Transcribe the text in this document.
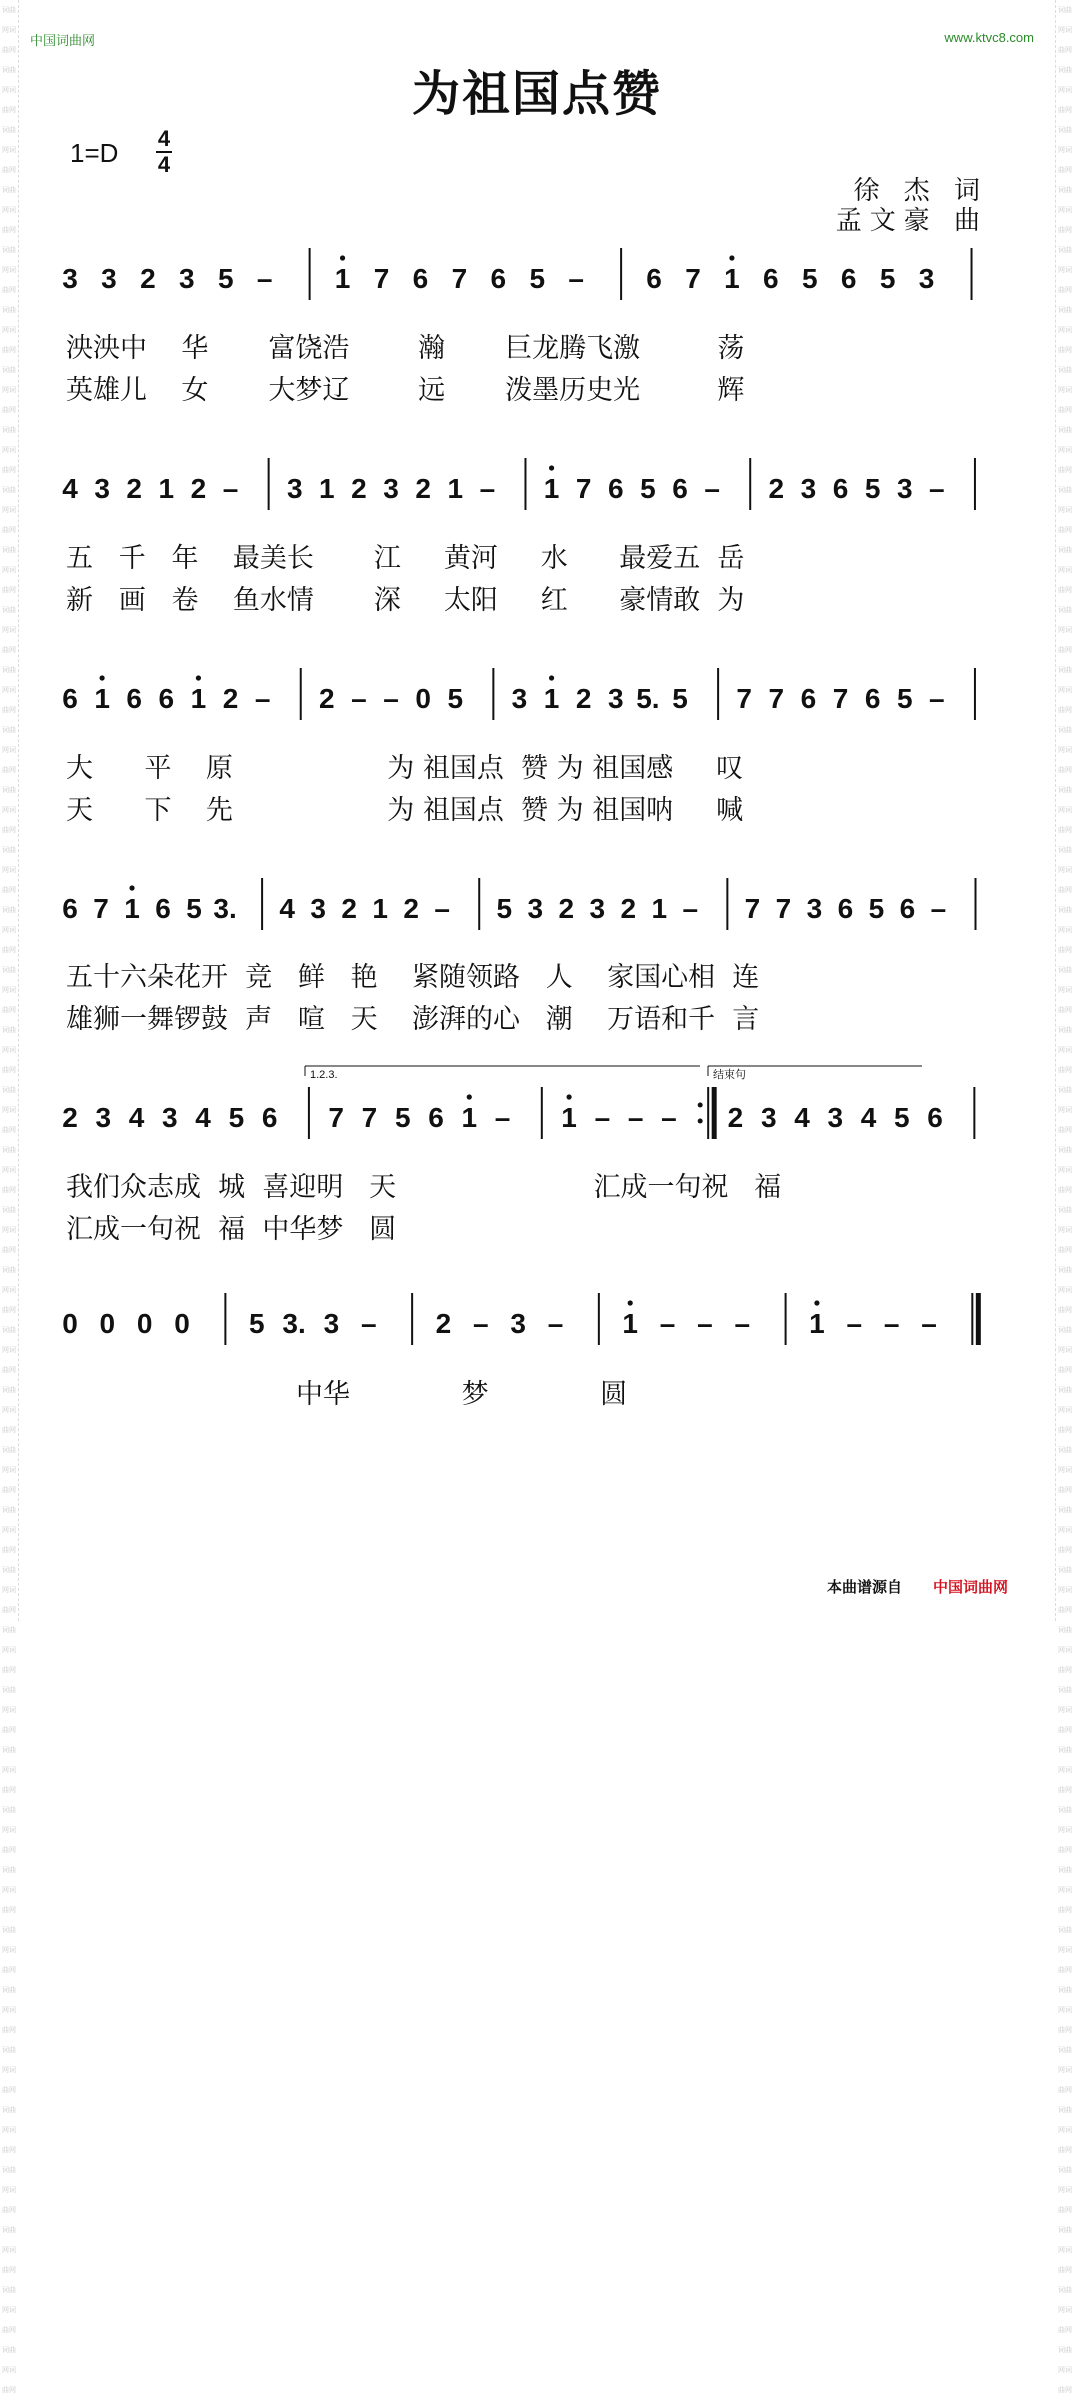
词曲网词曲网词曲网词曲网词曲网词曲网词曲网词曲网词曲网词曲网词曲网词曲网词曲网词曲网词曲网词曲网词曲网词曲网词曲网词曲网词曲网词曲网词曲网词曲网词曲网词曲网词曲网词曲网词曲网词曲网词曲网词曲网词曲网词曲网词曲网词曲网词曲网词曲网词曲网词曲网词曲网词曲网词曲网词曲网词曲网词曲网词曲网词曲网词曲网词曲网词曲网词曲网词曲网词曲网词曲网词曲网词曲网词曲网词曲网词曲网词曲网词曲网词曲网词曲网词曲网词曲网词曲网词曲网词曲网词曲网词曲网词曲网词曲网词曲网词曲网词曲网词曲网词曲网词曲网词曲网
词曲网词曲网词曲网词曲网词曲网词曲网词曲网词曲网词曲网词曲网词曲网词曲网词曲网词曲网词曲网词曲网词曲网词曲网词曲网词曲网词曲网词曲网词曲网词曲网词曲网词曲网词曲网词曲网词曲网词曲网词曲网词曲网词曲网词曲网词曲网词曲网词曲网词曲网词曲网词曲网词曲网词曲网词曲网词曲网词曲网词曲网词曲网词曲网词曲网词曲网词曲网词曲网词曲网词曲网词曲网词曲网词曲网词曲网词曲网词曲网词曲网词曲网词曲网词曲网词曲网词曲网词曲网词曲网词曲网词曲网词曲网词曲网词曲网词曲网词曲网词曲网词曲网词曲网词曲网词曲网
中国词曲网	www.ktvc8.com
为祖国点赞
1=D 4
4
徐 杰 词
孟文豪 曲
3 3 2 3 5 – 1 7 6 7 6 5 – 6 7 1 6 5 6 5 3
4 3 2 1 2 – 3 1 2 3 2 1 – 1 7 6 5 6 – 2 3 6 5 3 –
6 1 6 6 1 2 – 2 – – 0 5 3 1 2 3 5. 5 7 7 6 7 6 5 –
6 7 1 6 5 3. 4 3 2 1 2 – 5 3 2 3 2 1 – 7 7 3 6 5 6 –
2 3 4 3 4 5 6 7 7 5 6 1 – 1 – – – 2 3 4 3 4 5 6
1.2.3.	结束句
0 0 0 0 5 3. 3 – 2 – 3 – 1 – – – 1 – – –
泱泱中    华       富饶浩        瀚       巨龙腾飞激         荡
英雄儿    女       大梦辽        远       泼墨历史光         辉
五   千   年    最美长       江     黄河     水      最爱五  岳
新   画   卷    鱼水情       深     太阳     红      豪情敢  为
大      平    原                  为 祖国点  赞 为 祖国感     叹
天      下    先                  为 祖国点  赞 为 祖国呐     喊
五十六朵花开  竞   鲜   艳    紧随领路   人    家国心相  连
雄狮一舞锣鼓  声   喧   天    澎湃的心   潮    万语和千  言
我们众志成  城  喜迎明   天                       汇成一句祝   福
汇成一句祝  福  中华梦   圆
中华             梦             圆
本曲谱源自 中国词曲网
